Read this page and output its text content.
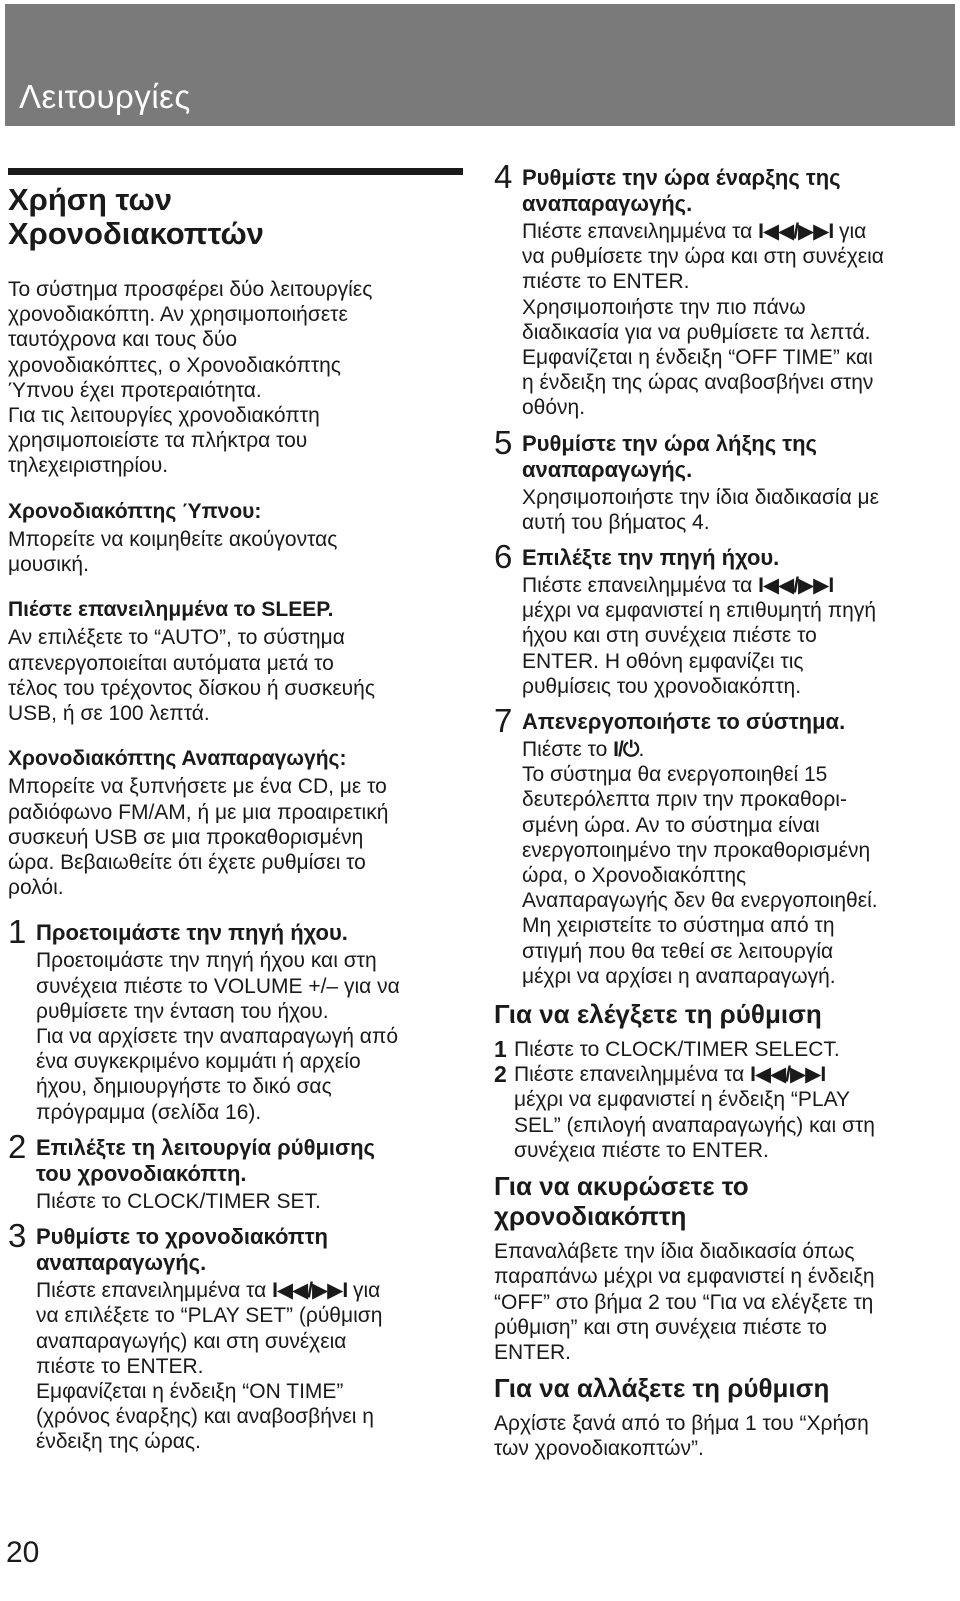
Λειτουργίες
Χρήση των
Χρονοδιακοπτών

Το σύστημα προσφέρει δύο λειτουργίες

χρονοδιακόπτη. Αν χρησιμοποιήσετε

ταυτόχρονα και τους δύο

χρονοδιακόπτες, ο Χρονοδιακόπτης

Ύπνου έχει προτεραιότητα.

Για τις λειτουργίες χρονοδιακόπτη

χρησιμοποιείστε τα πλήκτρα του

τηλεχειριστηρίου.

Χρονοδιακόπτης Ύπνου:

Μπορείτε να κοιμηθείτε ακούγοντας

μουσική.

Πιέστε επανειλημμένα το SLEEP.

Αν επιλέξετε το “AUTO”, το σύστημα

απενεργοποιείται αυτόματα μετά το

τέλος του τρέχοντος δίσκου ή συσκευής

USB, ή σε 100 λεπτά.

Χρονοδιακόπτης Αναπαραγωγής:

Μπορείτε να ξυπνήσετε με ένα CD, με το

ραδιόφωνο FM/AM, ή με μια προαιρετική

συσκευή USB σε μια προκαθορισμένη

ώρα. Βεβαιωθείτε ότι έχετε ρυθμίσει το

ρολόι.

1 Προετοιμάστε την πηγή ήχου.

Προετοιμάστε την πηγή ήχου και στη

συνέχεια πιέστε το VOLUME +/– για να

ρυθμίσετε την ένταση του ήχου.

Για να αρχίσετε την αναπαραγωγή από

ένα συγκεκριμένο κομμάτι ή αρχείο

ήχου, δημιουργήστε το δικό σας

πρόγραμμα (σελίδα 16).

2 Επιλέξτε τη λειτουργία ρύθμισης
του χρονοδιακόπτη.

Πιέστε το CLOCK/TIMER SET.

3 Ρυθμίστε το χρονοδιακόπτη
αναπαραγωγής.

Πιέστε επανειλημμένα τα I◀◀/▶▶I για

να επιλέξετε το “PLAY SET” (ρύθμιση

αναπαραγωγής) και στη συνέχεια

πιέστε το ENTER.

Εμφανίζεται η ένδειξη “ON TIME”

(χρόνος έναρξης) και αναβοσβήνει η

ένδειξη της ώρας.

4 Ρυθμίστε την ώρα έναρξης της
αναπαραγωγής.

Πιέστε επανειλημμένα τα I◀◀/▶▶I για

να ρυθμίσετε την ώρα και στη συνέχεια

πιέστε το ENTER.

Χρησιμοποιήστε την πιο πάνω

διαδικασία για να ρυθμίσετε τα λεπτά.

Εμφανίζεται η ένδειξη “OFF TIME” και

η ένδειξη της ώρας αναβοσβήνει στην

οθόνη.

5 Ρυθμίστε την ώρα λήξης της
αναπαραγωγής.

Χρησιμοποιήστε την ίδια διαδικασία με

αυτή του βήματος 4.

6 Επιλέξτε την πηγή ήχου.

Πιέστε επανειλημμένα τα I◀◀/▶▶I

μέχρι να εμφανιστεί η επιθυμητή πηγή

ήχου και στη συνέχεια πιέστε το

ENTER. Η οθόνη εμφανίζει τις

ρυθμίσεις του χρονοδιακόπτη.

7 Απενεργοποιήστε το σύστημα.

Πιέστε το I/⏻.

Το σύστημα θα ενεργοποιηθεί 15

δευτερόλεπτα πριν την προκαθορι-

σμένη ώρα. Αν το σύστημα είναι

ενεργοποιημένο την προκαθορισμένη

ώρα, ο Χρονοδιακόπτης

Αναπαραγωγής δεν θα ενεργοποιηθεί.

Μη χειριστείτε το σύστημα από τη

στιγμή που θα τεθεί σε λειτουργία

μέχρι να αρχίσει η αναπαραγωγή.

Για να ελέγξετε τη ρύθμιση
1 Πιέστε το CLOCK/TIMER SELECT.

2 Πιέστε επανειλημμένα τα I◀◀/▶▶I

μέχρι να εμφανιστεί η ένδειξη “PLAY

SEL” (επιλογή αναπαραγωγής) και στη

συνέχεια πιέστε το ENTER.

Για να ακυρώσετε το
χρονοδιακόπτη

Επαναλάβετε την ίδια διαδικασία όπως

παραπάνω μέχρι να εμφανιστεί η ένδειξη

“OFF” στο βήμα 2 του “Για να ελέγξετε τη

ρύθμιση” και στη συνέχεια πιέστε το

ENTER.

Για να αλλάξετε τη ρύθμιση

Αρχίστε ξανά από το βήμα 1 του “Χρήση

των χρονοδιακοπτών”.

20
